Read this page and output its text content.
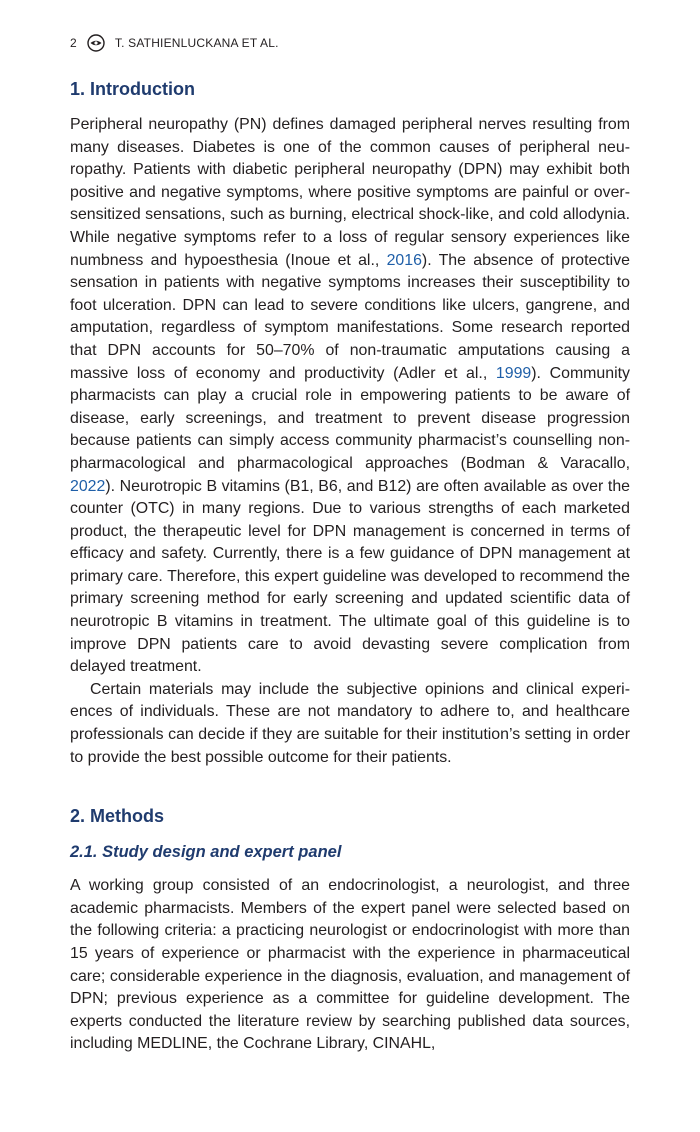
2	T. SATHIENLUCKANA ET AL.
1. Introduction

Peripheral neuropathy (PN) defines damaged peripheral nerves resulting from many diseases. Diabetes is one of the common causes of peripheral neuropathy. Patients with diabetic peripheral neuropathy (DPN) may exhibit both positive and negative symptoms, where positive symptoms are painful or over-sensitized sensations, such as burning, electrical shock-like, and cold allodynia. While negative symptoms refer to a loss of regular sensory experiences like numbness and hypoesthesia (Inoue et al., 2016). The absence of protective sensation in patients with negative symptoms increases their susceptibility to foot ulceration. DPN can lead to severe conditions like ulcers, gangrene, and amputation, regardless of symptom manifestations. Some research reported that DPN accounts for 50–70% of non-traumatic amputations causing a massive loss of economy and productivity (Adler et al., 1999). Community pharmacists can play a crucial role in empowering patients to be aware of disease, early screenings, and treatment to prevent disease progression because patients can simply access community pharmacist’s counselling non-pharmacological and pharmacological approaches (Bodman & Varacallo, 2022). Neurotropic B vitamins (B1, B6, and B12) are often available as over the counter (OTC) in many regions. Due to various strengths of each marketed product, the therapeutic level for DPN management is concerned in terms of efficacy and safety. Currently, there is a few guidance of DPN management at primary care. Therefore, this expert guideline was developed to recommend the primary screening method for early screening and updated scientific data of neurotropic B vitamins in treatment. The ultimate goal of this guideline is to improve DPN patients care to avoid devasting severe complication from delayed treatment.

Certain materials may include the subjective opinions and clinical experiences of individuals. These are not mandatory to adhere to, and healthcare professionals can decide if they are suitable for their institution’s setting in order to provide the best possible outcome for their patients.

2. Methods
2.1. Study design and expert panel

A working group consisted of an endocrinologist, a neurologist, and three academic pharmacists. Members of the expert panel were selected based on the following criteria: a practicing neurologist or endocrinologist with more than 15 years of experience or pharmacist with the experience in pharmaceutical care; considerable experience in the diagnosis, evaluation, and management of DPN; previous experience as a committee for guideline development. The experts conducted the literature review by searching published data sources, including MEDLINE, the Cochrane Library, CINAHL,
